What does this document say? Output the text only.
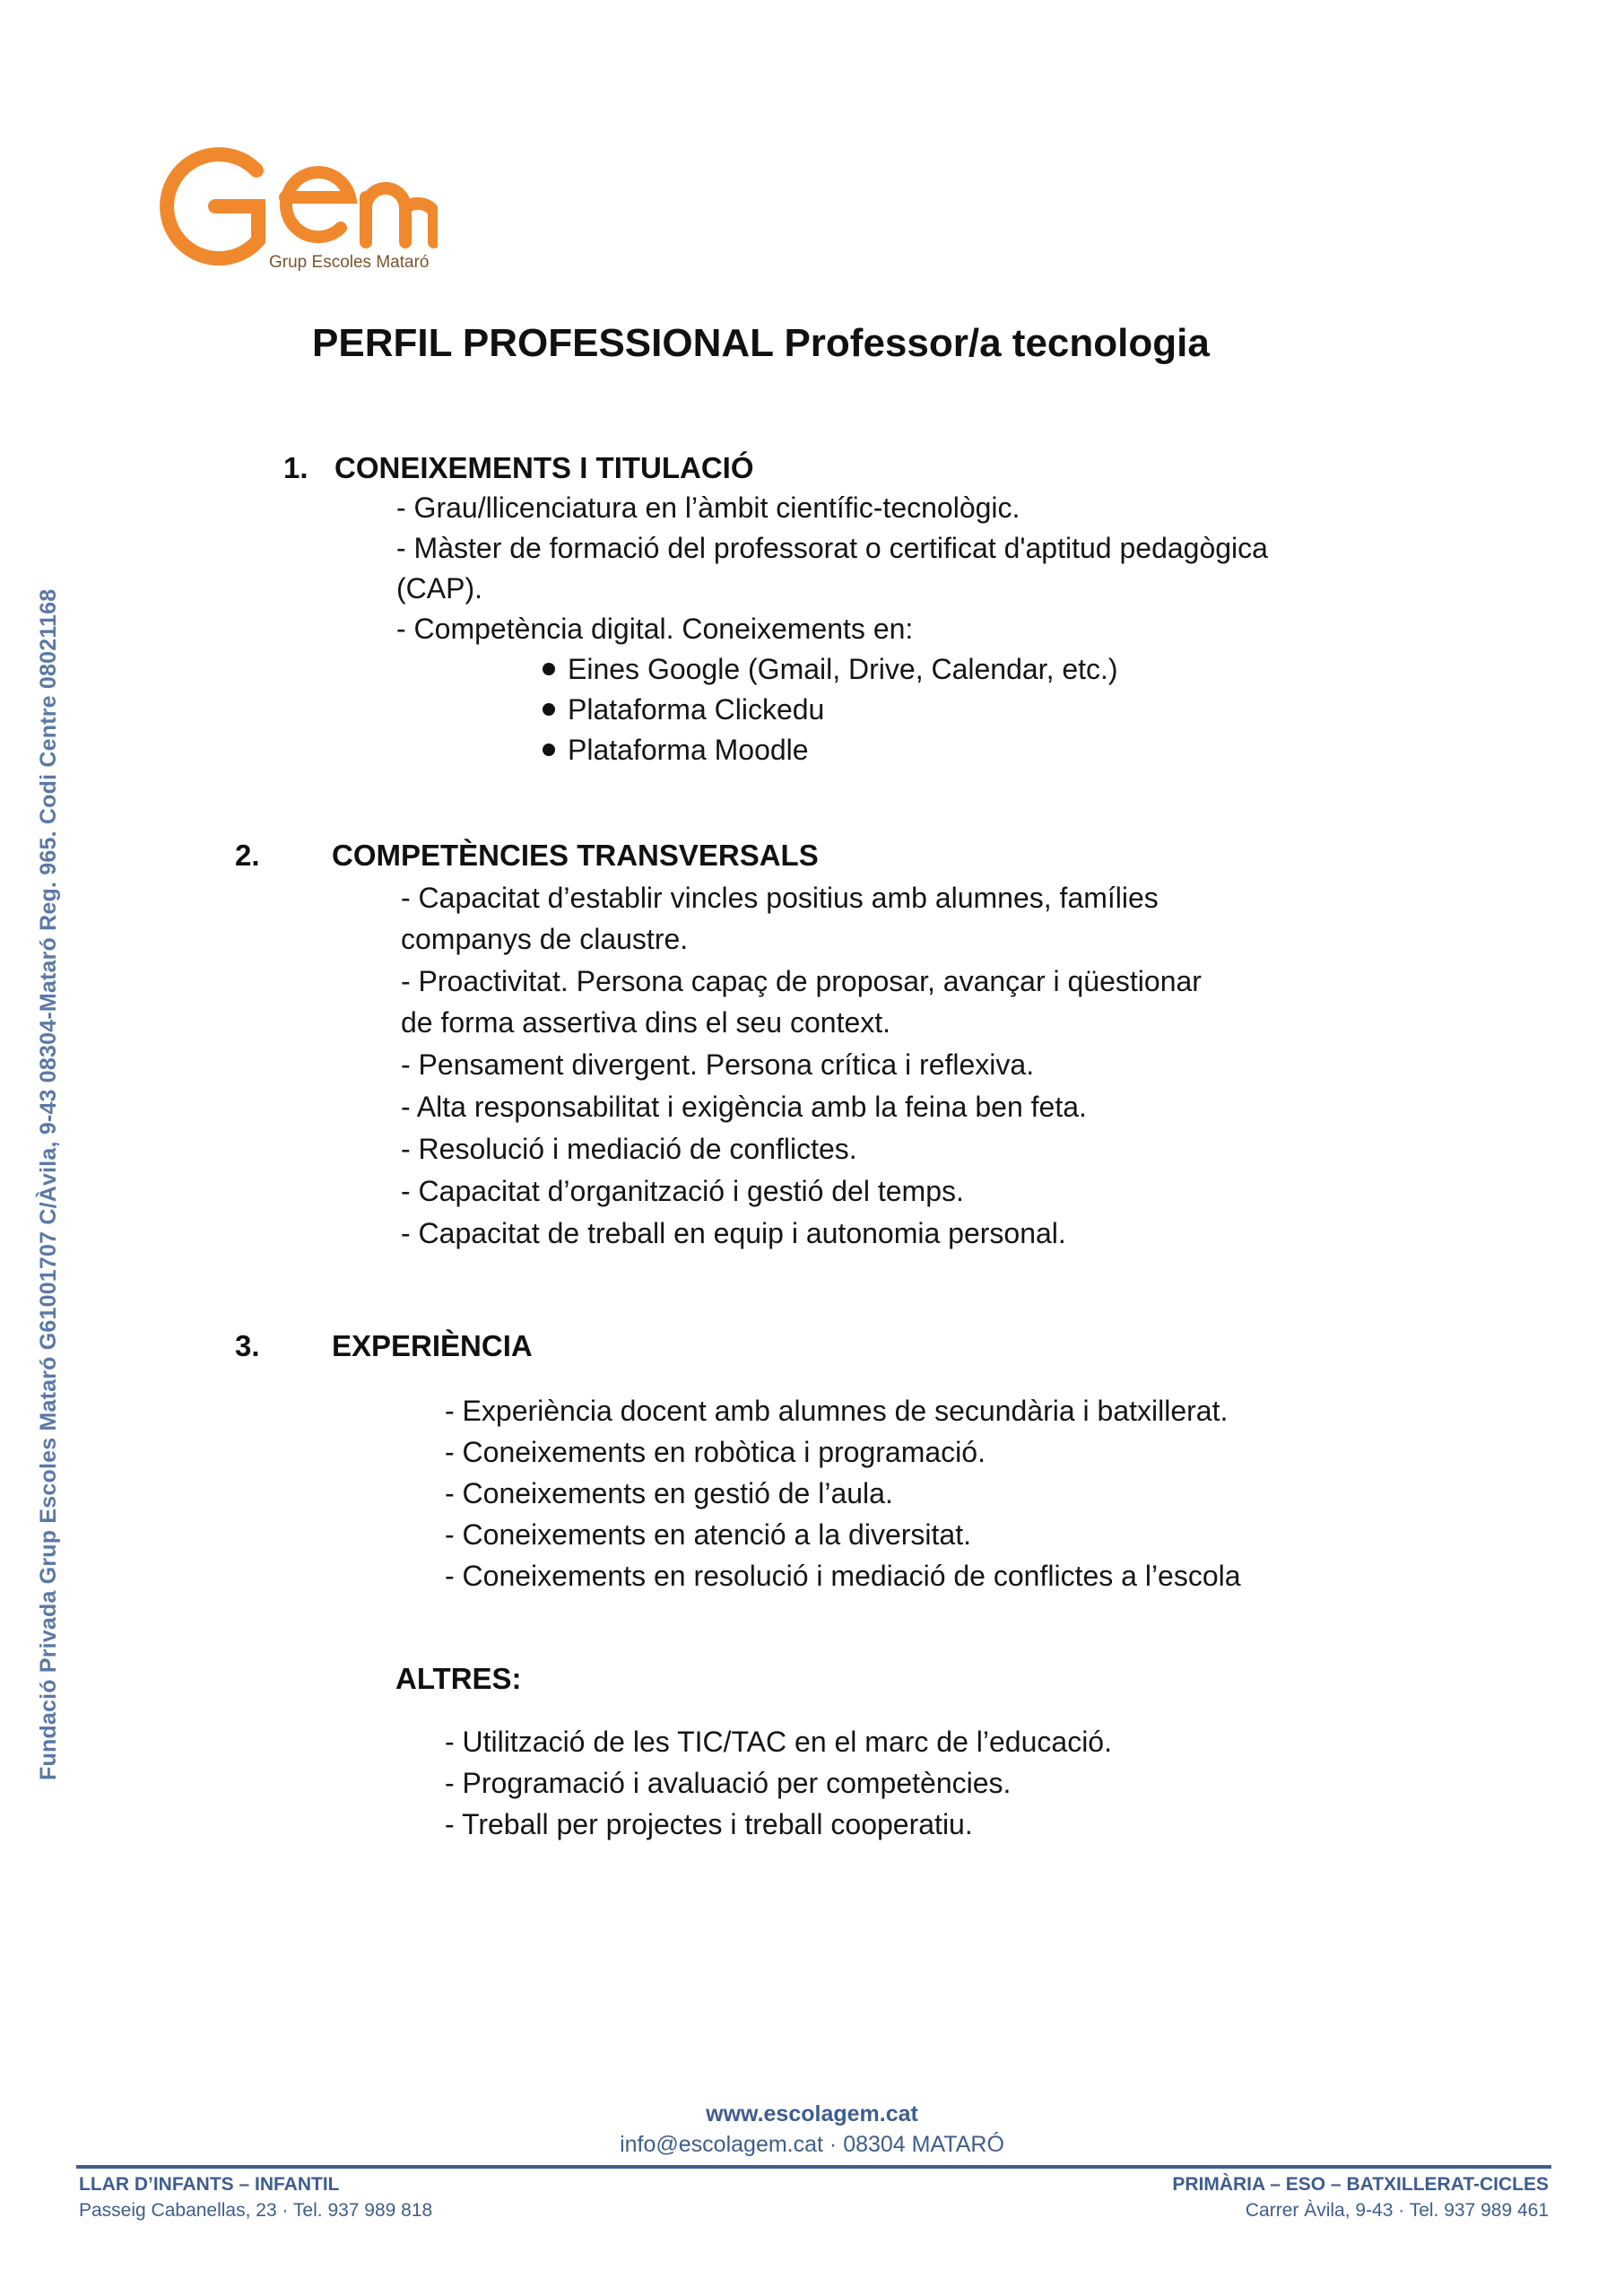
Grup Escoles Mataró
PERFIL PROFESSIONAL Professor/a tecnologia
Fundació Privada Grup Escoles Mataró G61001707 C/Àvila, 9-43 08304-Mataró Reg. 965. Codi Centre 08021168
1. CONEIXEMENTS I TITULACIÓ
- Grau/llicenciatura en l’àmbit científic-tecnològic.
- Màster de formació del professorat o certificat d'aptitud pedagògica
(CAP).
- Competència digital. Coneixements en:
Eines Google (Gmail, Drive, Calendar, etc.)
Plataforma Clickedu
Plataforma Moodle
2. COMPETÈNCIES TRANSVERSALS
- Capacitat d’establir vincles positius amb alumnes, famílies
companys de claustre.
- Proactivitat. Persona capaç de proposar, avançar i qüestionar
de forma assertiva dins el seu context.
- Pensament divergent. Persona crítica i reflexiva.
- Alta responsabilitat i exigència amb la feina ben feta.
- Resolució i mediació de conflictes.
- Capacitat d’organització i gestió del temps.
- Capacitat de treball en equip i autonomia personal.
3. EXPERIÈNCIA
- Experiència docent amb alumnes de secundària i batxillerat.
- Coneixements en robòtica i programació.
- Coneixements en gestió de l’aula.
- Coneixements en atenció a la diversitat.
- Coneixements en resolució i mediació de conflictes a l’escola
ALTRES:
- Utilització de les TIC/TAC en el marc de l’educació.
- Programació i avaluació per competències.
- Treball per projectes i treball cooperatiu.
www.escolagem.cat
info@escolagem.cat · 08304 MATARÓ
LLAR D’INFANTS – INFANTIL
Passeig Cabanellas, 23 · Tel. 937 989 818
PRIMÀRIA – ESO – BATXILLERAT-CICLES
Carrer Àvila, 9-43 · Tel. 937 989 461
